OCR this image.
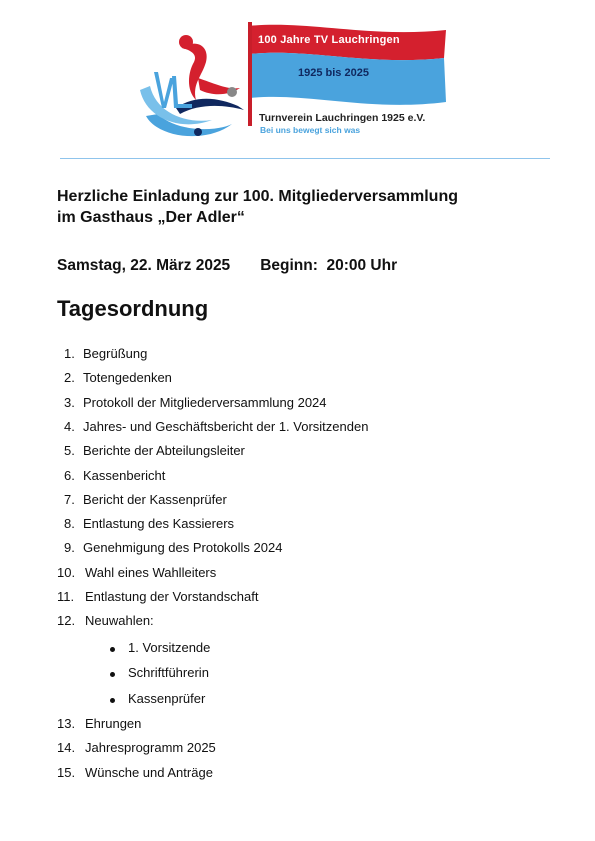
100 Jahre TV Lauchringen
1925 bis 2025
Turnverein Lauchringen 1925 e.V.
Bei uns bewegt sich was
Herzliche Einladung zur 100. Mitgliederversammlung
im Gasthaus „Der Adler“
Samstag, 22. März 2025 Beginn:  20:00 Uhr
Tagesordnung
1. Begrüßung
2. Totengedenken
3. Protokoll der Mitgliederversammlung 2024
4. Jahres- und Geschäftsbericht der 1. Vorsitzenden
5. Berichte der Abteilungsleiter
6. Kassenbericht
7. Bericht der Kassenprüfer
8. Entlastung des Kassierers
9. Genehmigung des Protokolls 2024
10. Wahl eines Wahlleiters
11. Entlastung der Vorstandschaft
12. Neuwahlen:
1. Vorsitzende
Schriftführerin
Kassenprüfer
13. Ehrungen
14. Jahresprogramm 2025
15. Wünsche und Anträge
